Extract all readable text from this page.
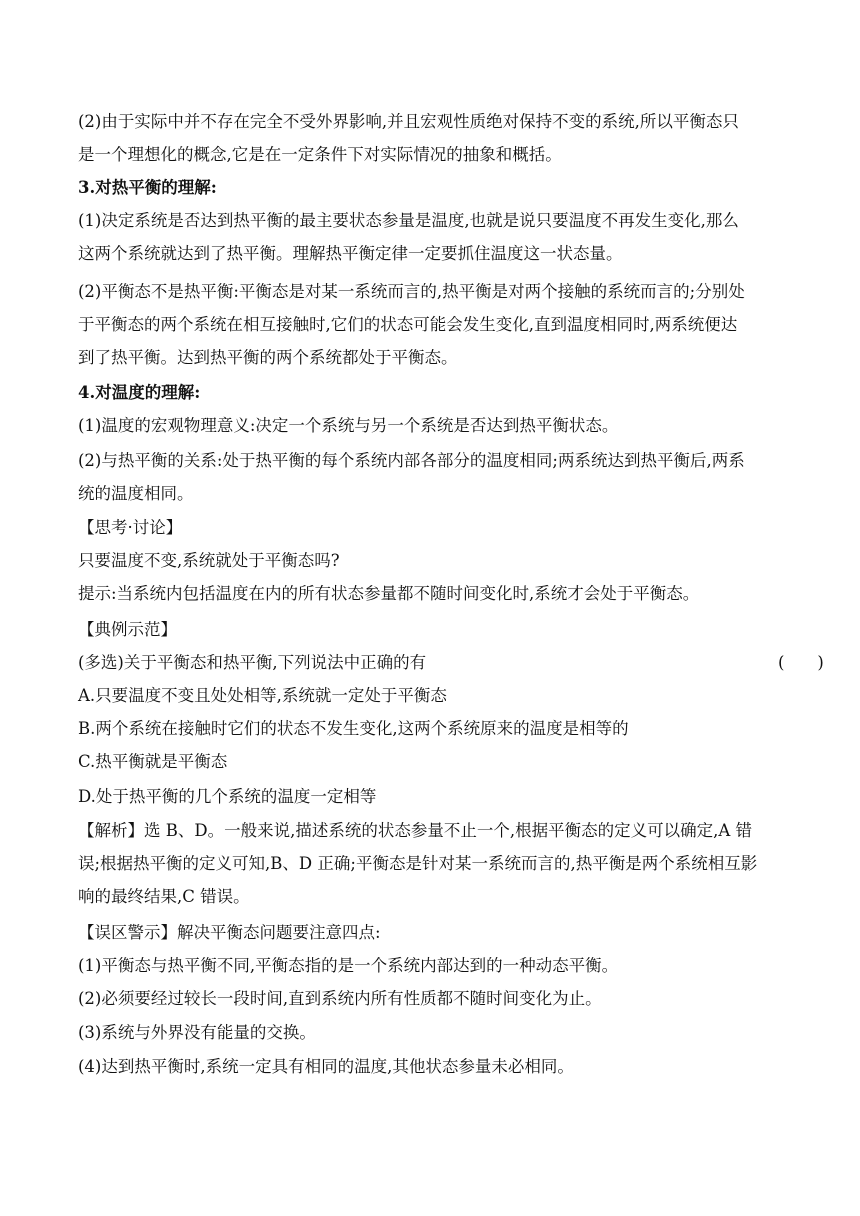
(2)由于实际中并不存在完全不受外界影响,并且宏观性质绝对保持不变的系统,所以平衡态只
是一个理想化的概念,它是在一定条件下对实际情况的抽象和概括。
3.对热平衡的理解:
(1)决定系统是否达到热平衡的最主要状态参量是温度,也就是说只要温度不再发生变化,那么
这两个系统就达到了热平衡。理解热平衡定律一定要抓住温度这一状态量。
(2)平衡态不是热平衡:平衡态是对某一系统而言的,热平衡是对两个接触的系统而言的;分别处
于平衡态的两个系统在相互接触时,它们的状态可能会发生变化,直到温度相同时,两系统便达
到了热平衡。达到热平衡的两个系统都处于平衡态。
4.对温度的理解:
(1)温度的宏观物理意义:决定一个系统与另一个系统是否达到热平衡状态。
(2)与热平衡的关系:处于热平衡的每个系统内部各部分的温度相同;两系统达到热平衡后,两系
统的温度相同。
【思考·讨论】
只要温度不变,系统就处于平衡态吗?
提示:当系统内包括温度在内的所有状态参量都不随时间变化时,系统才会处于平衡态。
【典例示范】
(多选)关于平衡态和热平衡,下列说法中正确的有	(　　)
A.只要温度不变且处处相等,系统就一定处于平衡态
B.两个系统在接触时它们的状态不发生变化,这两个系统原来的温度是相等的
C.热平衡就是平衡态
D.处于热平衡的几个系统的温度一定相等
【解析】选 B、D。一般来说,描述系统的状态参量不止一个,根据平衡态的定义可以确定,A 错
误;根据热平衡的定义可知,B、D 正确;平衡态是针对某一系统而言的,热平衡是两个系统相互影
响的最终结果,C 错误。
【误区警示】解决平衡态问题要注意四点:
(1)平衡态与热平衡不同,平衡态指的是一个系统内部达到的一种动态平衡。
(2)必须要经过较长一段时间,直到系统内所有性质都不随时间变化为止。
(3)系统与外界没有能量的交换。
(4)达到热平衡时,系统一定具有相同的温度,其他状态参量未必相同。
